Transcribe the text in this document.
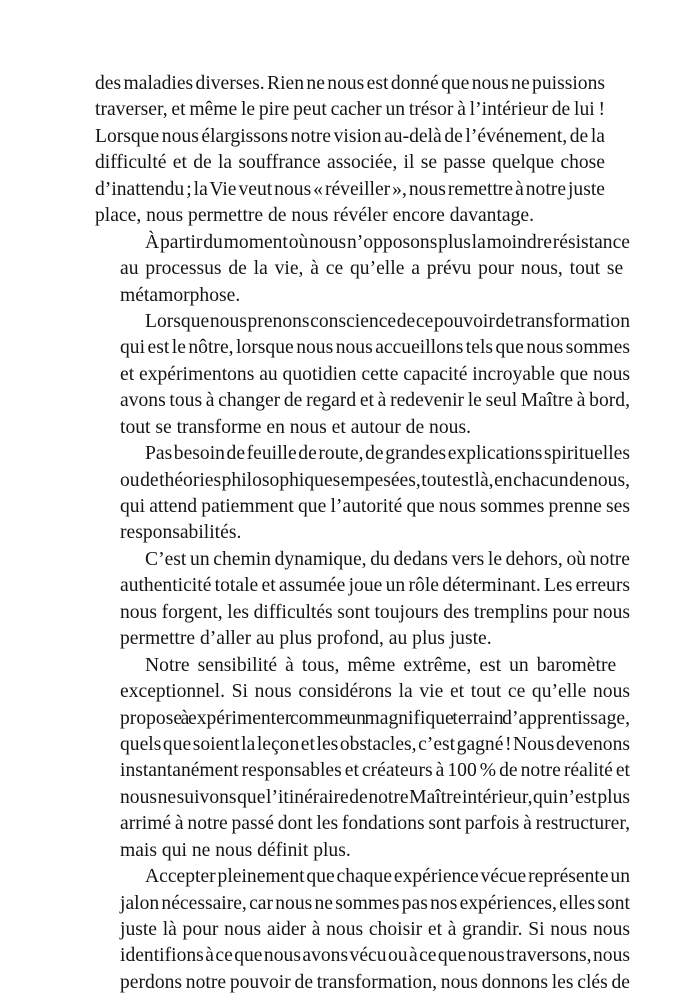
des maladies diverses. Rien ne nous est donné que nous ne puissions
traverser, et même le pire peut cacher un trésor à l’intérieur de lui !
Lorsque nous élargissons notre vision au-delà de l’événement, de la
difficulté et de la souffrance associée, il se passe quelque chose
d’inattendu ; la Vie veut nous « réveiller », nous remettre à notre juste
place, nous permettre de nous révéler encore davantage.
À partir du moment où nous n’opposons plus la moindre résistance
au processus de la vie, à ce qu’elle a prévu pour nous, tout se
métamorphose.
Lorsque nous prenons conscience de ce pouvoir de transformation
qui est le nôtre, lorsque nous nous accueillons tels que nous sommes
et expérimentons au quotidien cette capacité incroyable que nous
avons tous à changer de regard et à redevenir le seul Maître à bord,
tout se transforme en nous et autour de nous.
Pas besoin de feuille de route, de grandes explications spirituelles
ou de théories philosophiques empesées, tout est là, en chacun de nous,
qui attend patiemment que l’autorité que nous sommes prenne ses
responsabilités.
C’est un chemin dynamique, du dedans vers le dehors, où notre
authenticité totale et assumée joue un rôle déterminant. Les erreurs
nous forgent, les difficultés sont toujours des tremplins pour nous
permettre d’aller au plus profond, au plus juste.
Notre sensibilité à tous, même extrême, est un baromètre
exceptionnel. Si nous considérons la vie et tout ce qu’elle nous
propose à expérimenter comme un magnifique terrain d’apprentissage,
quels que soient la leçon et les obstacles, c’est gagné ! Nous devenons
instantanément responsables et créateurs à 100 % de notre réalité et
nous ne suivons que l’itinéraire de notre Maître intérieur, qui n’est plus
arrimé à notre passé dont les fondations sont parfois à restructurer,
mais qui ne nous définit plus.
Accepter pleinement que chaque expérience vécue représente un
jalon nécessaire, car nous ne sommes pas nos expériences, elles sont
juste là pour nous aider à nous choisir et à grandir. Si nous nous
identifions à ce que nous avons vécu ou à ce que nous traversons, nous
perdons notre pouvoir de transformation, nous donnons les clés de
